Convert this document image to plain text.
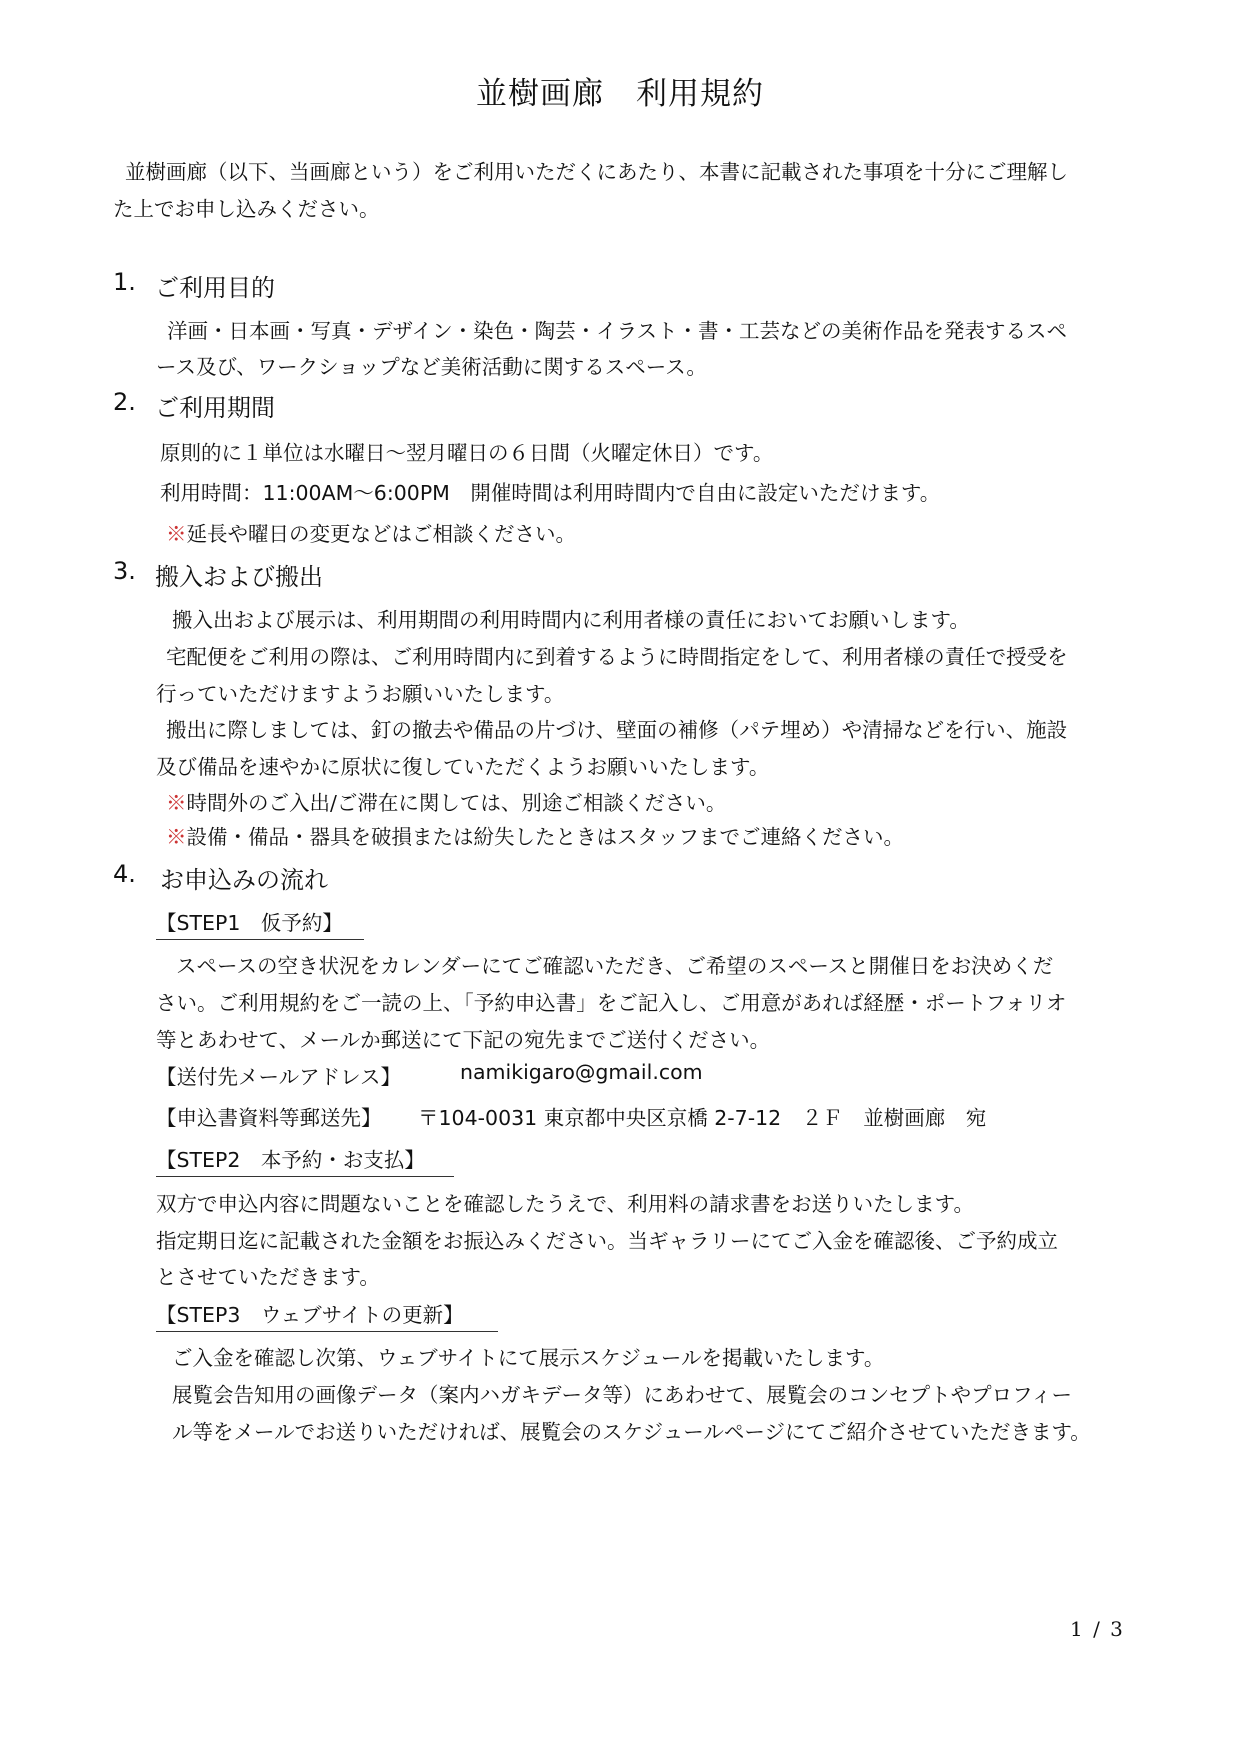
並樹画廊　利用規約
並樹画廊（以下、当画廊という）をご利用いただくにあたり、本書に記載された事項を十分にご理解し
た上でお申し込みください。
1. ご利用目的
洋画・日本画・写真・デザイン・染色・陶芸・イラスト・書・工芸などの美術作品を発表するスペ
ース及び、ワークショップなど美術活動に関するスペース。
2. ご利用期間
原則的に１単位は水曜日～翌月曜日の６日間（火曜定休日）です。
利用時間：11:00AM～6:00PM　開催時間は利用時間内で自由に設定いただけます。
※延長や曜日の変更などはご相談ください。
3. 搬入および搬出
搬入出および展示は、利用期間の利用時間内に利用者様の責任においてお願いします。
宅配便をご利用の際は、ご利用時間内に到着するように時間指定をして、利用者様の責任で授受を
行っていただけますようお願いいたします。
搬出に際しましては、釘の撤去や備品の片づけ、壁面の補修（パテ埋め）や清掃などを行い、施設
及び備品を速やかに原状に復していただくようお願いいたします。
※時間外のご入出/ご滞在に関しては、別途ご相談ください。
※設備・備品・器具を破損または紛失したときはスタッフまでご連絡ください。
4. お申込みの流れ
【STEP1　仮予約】
スペースの空き状況をカレンダーにてご確認いただき、ご希望のスペースと開催日をお決めくだ
さい。ご利用規約をご一読の上、「予約申込書」をご記入し、ご用意があれば経歴・ポートフォリオ
等とあわせて、メールか郵送にて下記の宛先までご送付ください。
【送付先メールアドレス】	namikigaro@gmail.com
【申込書資料等郵送先】 〒104-0031 東京都中央区京橋 2-7-12　２Ｆ　並樹画廊　宛
【STEP2　本予約・お支払】
双方で申込内容に問題ないことを確認したうえで、利用料の請求書をお送りいたします。
指定期日迄に記載された金額をお振込みください。当ギャラリーにてご入金を確認後、ご予約成立
とさせていただきます。
【STEP3　ウェブサイトの更新】
ご入金を確認し次第、ウェブサイトにて展示スケジュールを掲載いたします。
展覧会告知用の画像データ（案内ハガキデータ等）にあわせて、展覧会のコンセプトやプロフィー
ル等をメールでお送りいただければ、展覧会のスケジュールページにてご紹介させていただきます。
1 / 3
